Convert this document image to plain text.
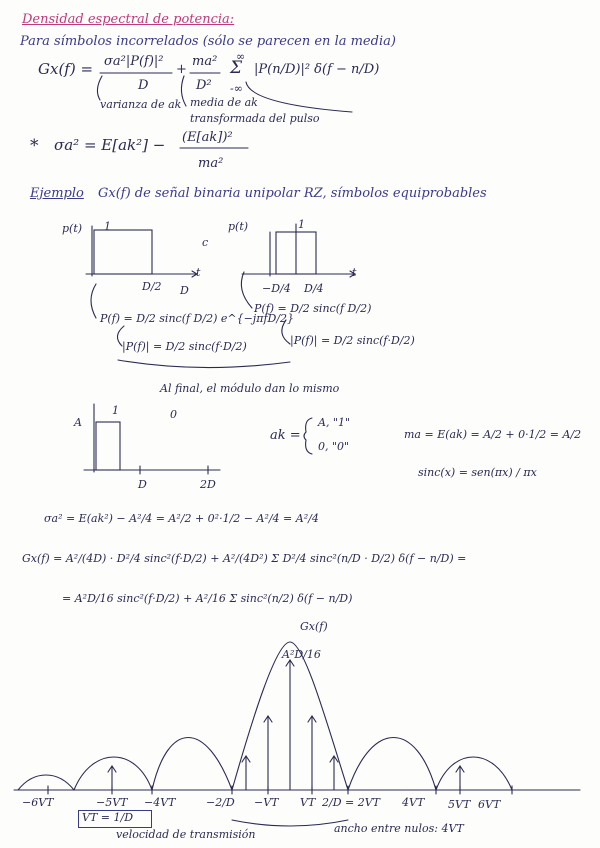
Densidad espectral de potencia:
Para símbolos incorrelados (sólo se parecen en la media)
Gx(f) = σa²|P(f)|²
D
+
ma²
D²
∞
Σ
-∞
|P(n/D)|² δ(f − n/D)
varianza de ak media de ak
transformada del pulso
* σa² = E[ak²] − (E[ak])²
ma²
Ejemplo Gx(f) de señal binaria unipolar RZ, símbolos equiprobables
p(t) 1
D/2 D
t
c
p(t)	1
−D/4 D/4
t
P(f) = D/2 sinc(f D/2) e^{−jπfD/2}
|P(f)| = D/2 sinc(f·D/2)
P(f) = D/2 sinc(f D/2)
|P(f)| = D/2 sinc(f·D/2)
Al final, el módulo dan lo mismo
A
1	0
D	2D
ak =
A, "1"
0, "0"
ma = E(ak) = A/2 + 0·1/2 = A/2
sinc(x) = sen(πx) / πx
σa² = E(ak²) − A²/4 = A²/2 + 0²·1/2 − A²/4 = A²/4
Gx(f) = A²/(4D) · D²/4 sinc²(f·D/2) + A²/(4D²) Σ D²/4 sinc²(n/D · D/2) δ(f − n/D) =
= A²D/16 sinc²(f·D/2) + A²/16 Σ sinc²(n/2) δ(f − n/D)
Gx(f)
A²D/16
−6VT	−5VT −4VT	−2/D −VT VT 2/D = 2VT 4VT 5VT 6VT
VT = 1/D
velocidad de transmisión	ancho entre nulos: 4VT
